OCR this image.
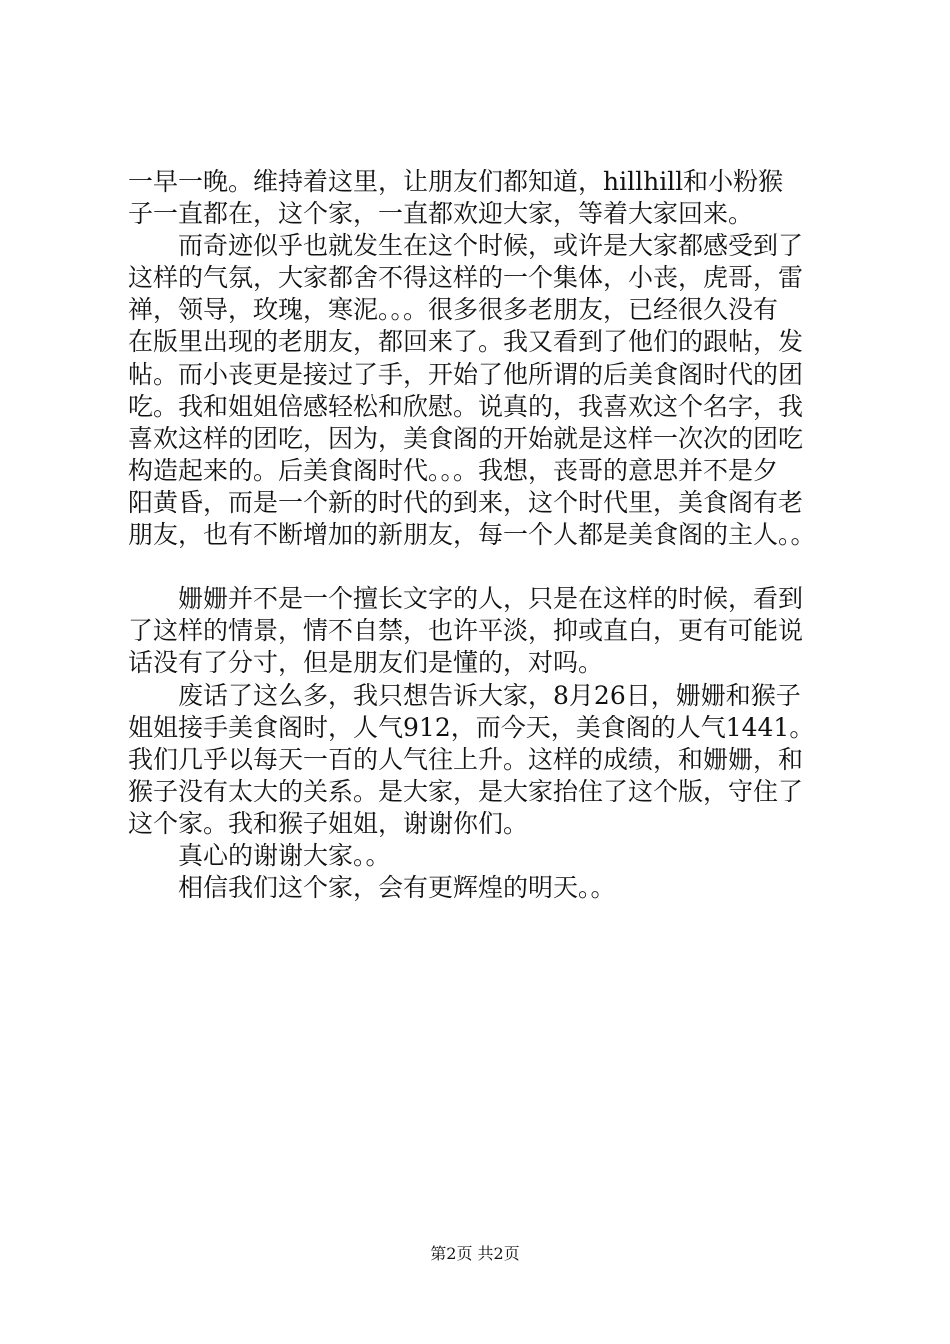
一早一晚。维持着这里，让朋友们都知道，hillhill和小粉猴
子一直都在，这个家，一直都欢迎大家，等着大家回来。
　　而奇迹似乎也就发生在这个时候，或许是大家都感受到了
这样的气氛，大家都舍不得这样的一个集体，小丧，虎哥，雷
禅，领导，玫瑰，寒泥。。。很多很多老朋友，已经很久没有
在版里出现的老朋友，都回来了。我又看到了他们的跟帖，发
帖。而小丧更是接过了手，开始了他所谓的后美食阁时代的团
吃。我和姐姐倍感轻松和欣慰。说真的，我喜欢这个名字，我
喜欢这样的团吃，因为，美食阁的开始就是这样一次次的团吃
构造起来的。后美食阁时代。。。我想，丧哥的意思并不是夕
阳黄昏，而是一个新的时代的到来，这个时代里，美食阁有老
朋友，也有不断增加的新朋友，每一个人都是美食阁的主人。。
　　姗姗并不是一个擅长文字的人，只是在这样的时候，看到
了这样的情景，情不自禁，也许平淡，抑或直白，更有可能说
话没有了分寸，但是朋友们是懂的，对吗。
　　废话了这么多，我只想告诉大家，8月26日，姗姗和猴子
姐姐接手美食阁时，人气912，而今天，美食阁的人气1441。
我们几乎以每天一百的人气往上升。这样的成绩，和姗姗，和
猴子没有太大的关系。是大家，是大家抬住了这个版，守住了
这个家。我和猴子姐姐，谢谢你们。
　　真心的谢谢大家。。
　　相信我们这个家，会有更辉煌的明天。。
第2页 共2页
